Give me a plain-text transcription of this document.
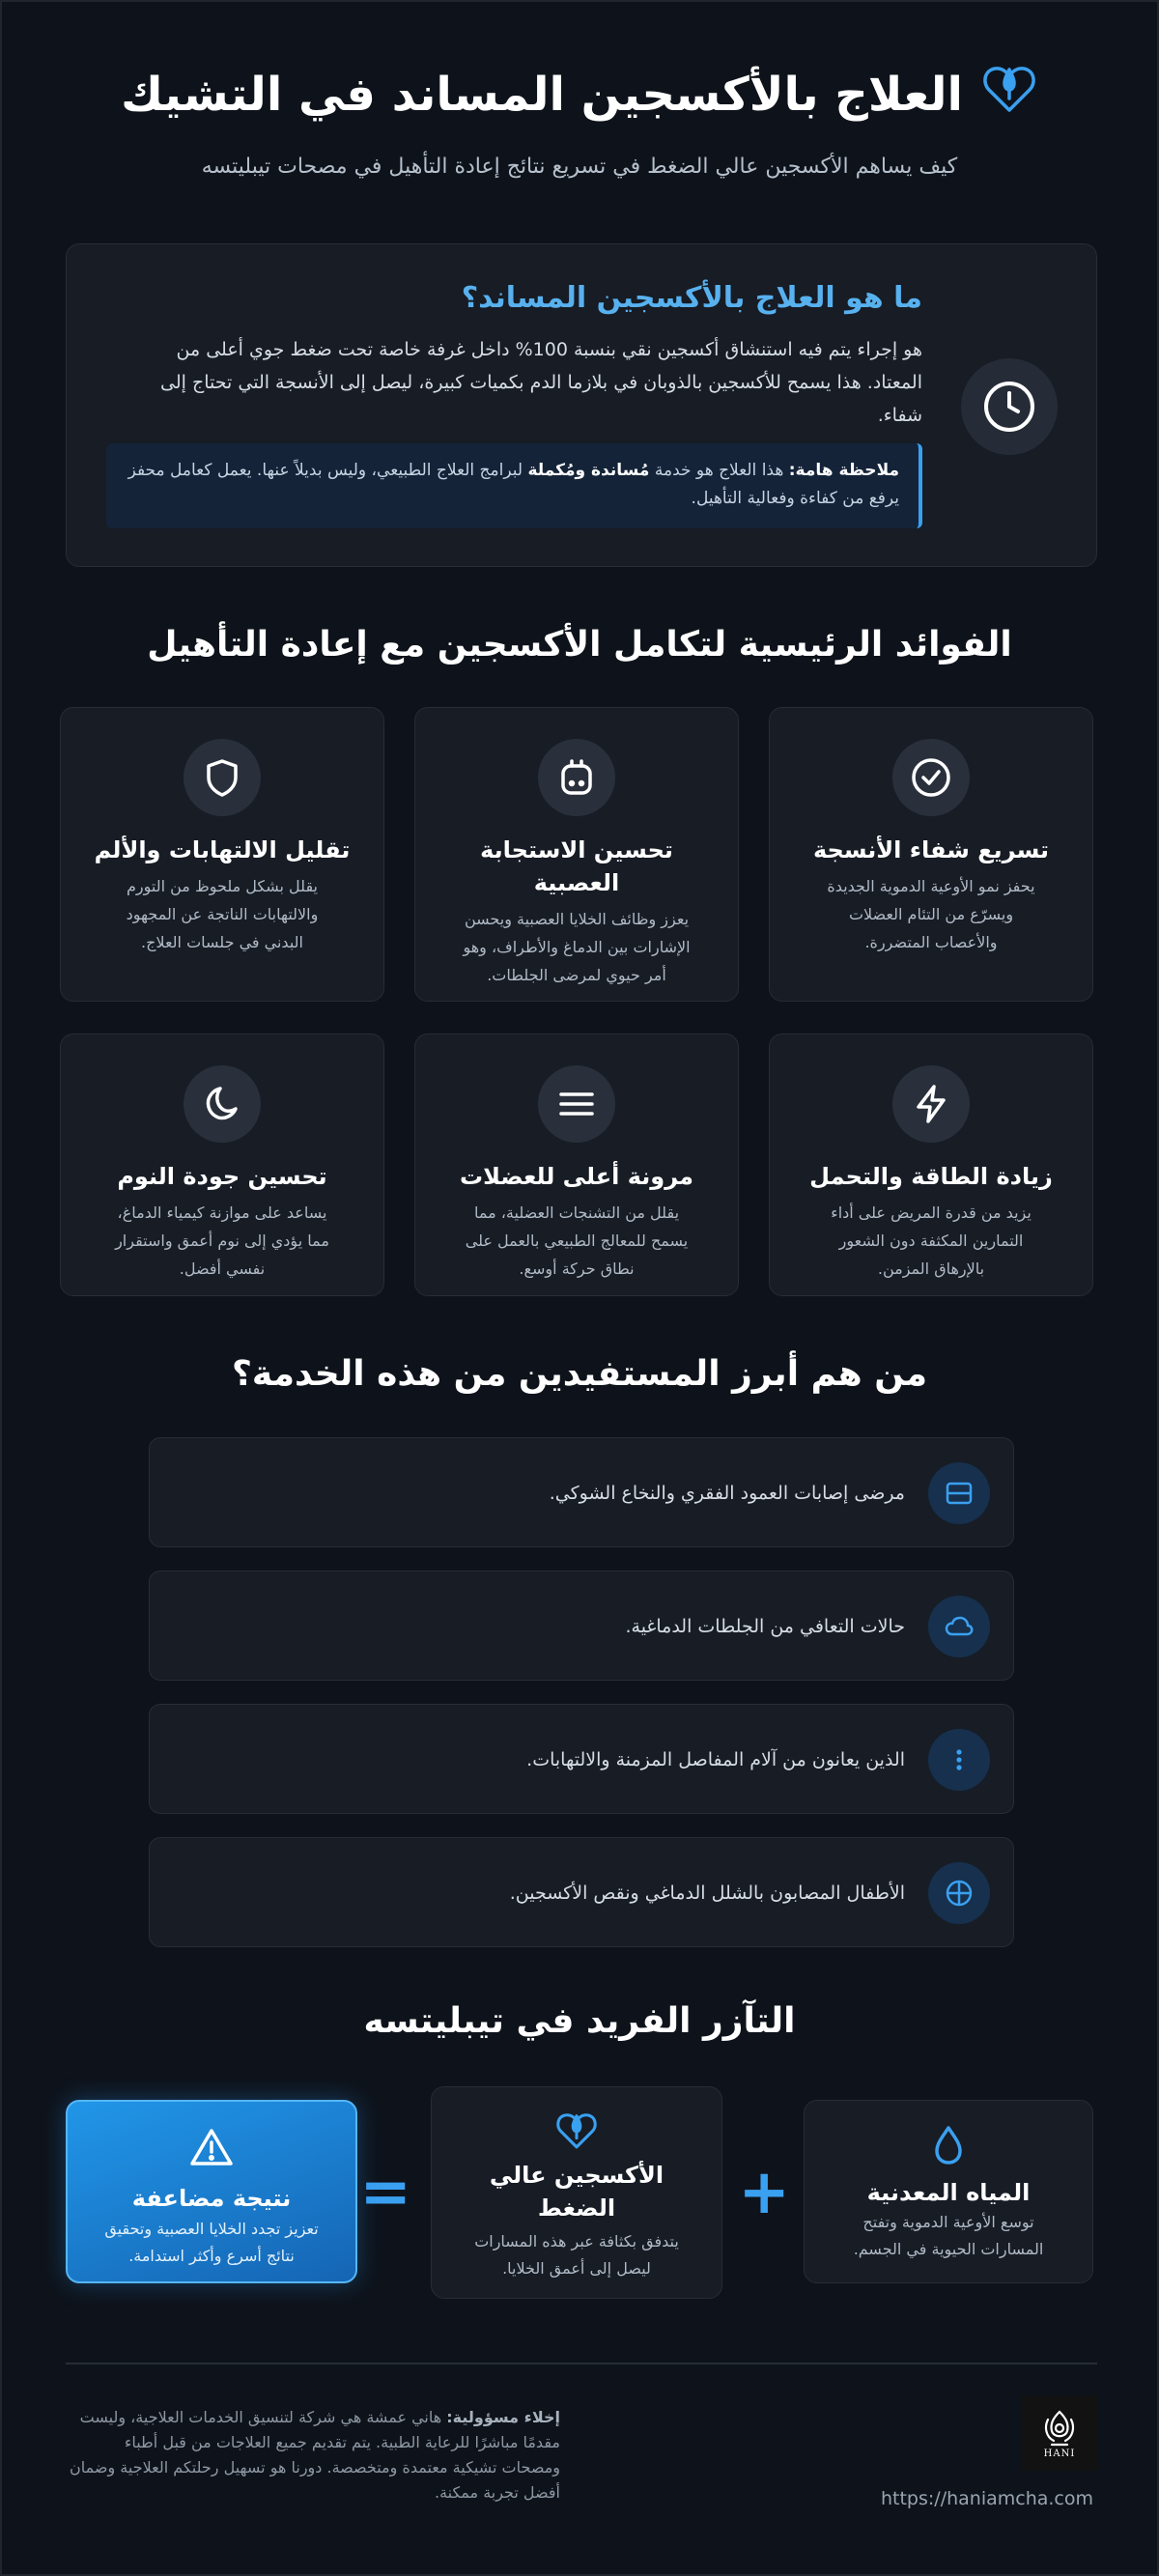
العلاج بالأكسجين المساند في التشيك

كيف يساهم الأكسجين عالي الضغط في تسريع نتائج إعادة التأهيل في مصحات تيبليتسه

ما هو العلاج بالأكسجين المساند؟

هو إجراء يتم فيه استنشاق أكسجين نقي بنسبة 100% داخل غرفة خاصة تحت ضغط جوي أعلى من المعتاد. هذا يسمح للأكسجين بالذوبان في بلازما الدم بكميات كبيرة، ليصل إلى الأنسجة التي تحتاج إلى شفاء.

ملاحظة هامة: هذا العلاج هو خدمة مُساندة ومُكملة لبرامج العلاج الطبيعي، وليس بديلاً عنها. يعمل كعامل محفز يرفع من كفاءة وفعالية التأهيل.
الفوائد الرئيسية لتكامل الأكسجين مع إعادة التأهيل
تسريع شفاء الأنسجة

يحفز نمو الأوعية الدموية الجديدة ويسرّع من التئام العضلات والأعصاب المتضررة.

تحسين الاستجابة العصبية

يعزز وظائف الخلايا العصبية ويحسن الإشارات بين الدماغ والأطراف، وهو أمر حيوي لمرضى الجلطات.

تقليل الالتهابات والألم

يقلل بشكل ملحوظ من التورم والالتهابات الناتجة عن المجهود البدني في جلسات العلاج.

زيادة الطاقة والتحمل

يزيد من قدرة المريض على أداء التمارين المكثفة دون الشعور بالإرهاق المزمن.

مرونة أعلى للعضلات

يقلل من التشنجات العضلية، مما يسمح للمعالج الطبيعي بالعمل على نطاق حركة أوسع.

تحسين جودة النوم

يساعد على موازنة كيمياء الدماغ، مما يؤدي إلى نوم أعمق واستقرار نفسي أفضل.

من هم أبرز المستفيدين من هذه الخدمة؟
مرضى إصابات العمود الفقري والنخاع الشوكي.
حالات التعافي من الجلطات الدماغية.
الذين يعانون من آلام المفاصل المزمنة والالتهابات.
الأطفال المصابون بالشلل الدماغي ونقص الأكسجين.
التآزر الفريد في تيبليتسه
المياه المعدنية

توسع الأوعية الدموية وتفتح المسارات الحيوية في الجسم.

+
الأكسجين عالي الضغط

يتدفق بكثافة عبر هذه المسارات ليصل إلى أعمق الخلايا.

=
نتيجة مضاعفة

تعزيز تجدد الخلايا العصبية وتحقيق نتائج أسرع وأكثر استدامة.

HANI
https://haniamcha.com

إخلاء مسؤولية: هاني عمشة هي شركة لتنسيق الخدمات العلاجية، وليست مقدمًا مباشرًا للرعاية الطبية. يتم تقديم جميع العلاجات من قبل أطباء ومصحات تشيكية معتمدة ومتخصصة. دورنا هو تسهيل رحلتكم العلاجية وضمان أفضل تجربة ممكنة.
